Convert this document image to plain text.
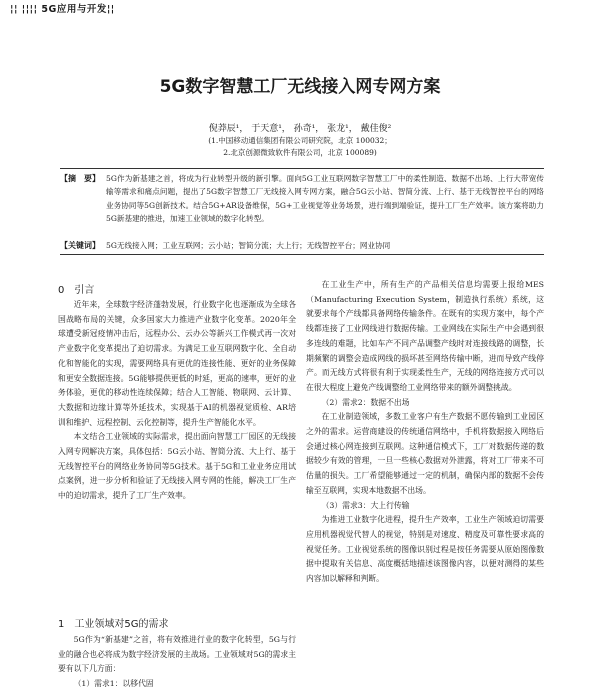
¦¦ ¦¦¦¦ 5G应用与开发¦¦
5G数字智慧工厂无线接入网专网方案
倪莽辰¹， 于天意¹， 孙奇¹， 张龙¹， 戴佳俊²
(1.中国移动通信集团有限公司研究院，北京 100032；
2.北京创源微致软件有限公司，北京 100089)
【摘　要】 5G作为新基建之首，将成为行业转型升级的新引擎。面向5G工业互联网数字智慧工厂中的柔性制造、数据不出场、上行大带宽传输等需求和痛点问题，提出了5G数字智慧工厂无线接入网专网方案，融合5G云小站、智简分流、上行、基于无线智控平台的网络业务协同等5G创新技术。结合5G+AR设备维保，5G+工业视觉等业务场景，进行端到端验证，提升工厂生产效率。该方案将助力5G新基建的推进，加速工业领域的数字化转型。
【关键词】 5G无线接入网；工业互联网；云小站；智简分流；大上行；无线智控平台；网业协同
0　引言

近年来，全球数字经济蓬勃发展，行业数字化也逐渐成为全球各国战略布局的关键，众多国家大力推进产业数字化变革。2020年全球遭受新冠疫情冲击后，远程办公、云办公等新兴工作模式再一次对产业数字化变革提出了迫切需求。为满足工业互联网数字化、全自动化和智能化的实现，需要网络具有更优的连接性能、更好的业务保障和更安全数据连接。5G能够提供更低的时延，更高的速率，更好的业务体验，更优的移动性连续保障；结合人工智能、物联网、云计算、大数据和边缘计算等外延技术，实现基于AI的机器视觉质检、AR培训和维护、远程控制、云化控制等，提升生产智能化水平。

本文结合工业领域的实际需求，提出面向智慧工厂园区的无线接入网专网解决方案，具体包括：5G云小站、智简分流、大上行、基于无线智控平台的网络业务协同等5G技术。基于5G和工业业务应用试点案例，进一步分析和验证了无线接入网专网的性能，解决工厂生产中的迫切需求，提升了工厂生产效率。

1　工业领域对5G的需求

5G作为“新基建”之首，将有效推进行业的数字化转型，5G与行业的融合也必将成为数字经济发展的主战场。工业领域对5G的需求主要有以下几方面：

（1）需求1：以移代固

在工业生产中，所有生产的产品相关信息均需要上报给MES（Manufacturing Execution System，制造执行系统）系统，这就要求每个产线都具备网络传输条件。在既有的实现方案中，每个产线都连接了工业网线进行数据传输。工业网线在实际生产中会遇到很多连线的难题，比如车产不同产品调整产线时对连接线路的调整，长期频繁的调整会造成网线的损坏甚至网络传输中断，进而导致产线停产。而无线方式将很有利于实现柔性生产，无线的网络连接方式可以在很大程度上避免产线调整给工业网络带来的额外调整挑战。

（2）需求2：数据不出场

在工业制造领域，多数工业客户有生产数据不愿传输到工业园区之外的需求。运营商建设的传统通信网络中，手机将数据接入网络后会通过核心网连接到互联网。这种通信模式下，工厂对数据传递的数据较少有效的管理，一旦一些核心数据对外泄露，将对工厂带来不可估量的损失。工厂希望能够通过一定的机制，确保内部的数据不会传输至互联网，实现本地数据不出场。

（3）需求3：大上行传输

为推进工业数字化进程，提升生产效率，工业生产领域迫切需要应用机器视觉代替人的视觉，特别是对速度、精度及可靠性要求高的视觉任务。工业视觉系统的图像识别过程是按任务需要从原始图像数据中提取有关信息、高度概括地描述该图像内容，以便对测得的某些内容加以解释和判断。
